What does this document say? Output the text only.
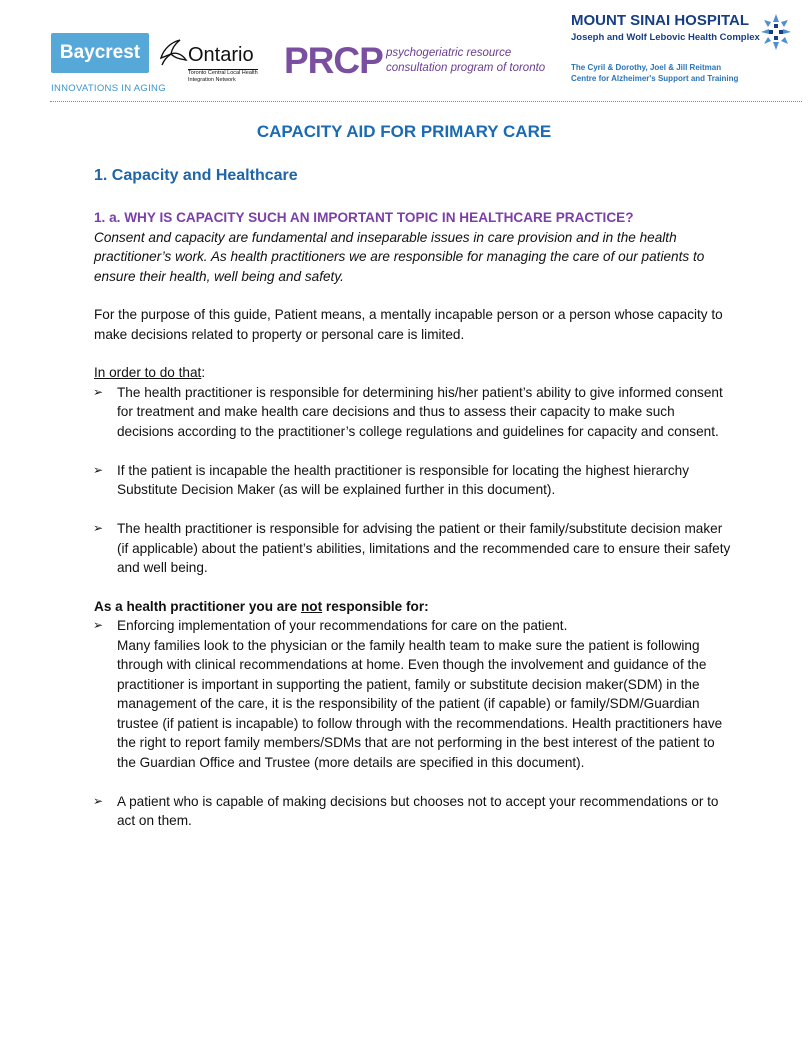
Baycrest
INNOVATIONS IN AGING
Ontario
Toronto Central Local Health Integration Network	PRCP psychogeriatric resource
consultation program of toronto
MOUNT SINAI HOSPITAL
Joseph and Wolf Lebovic Health Complex
The Cyril & Dorothy, Joel & Jill Reitman
Centre for Alzheimer's Support and Training
CAPACITY AID FOR PRIMARY CARE
1. Capacity and Healthcare

1. a. WHY IS CAPACITY SUCH AN IMPORTANT TOPIC IN HEALTHCARE PRACTICE?

Consent and capacity are fundamental and inseparable issues in care provision and in the health practitioner’s work. As health practitioners we are responsible for managing the care of our patients to ensure their health, well being and safety.

For the purpose of this guide, Patient means, a mentally incapable person or a person whose capacity to make decisions related to property or personal care is limited.

In order to do that:

➢ The health practitioner is responsible for determining his/her patient’s ability to give informed consent for treatment and make health care decisions and thus to assess their capacity to make such decisions according to the practitioner’s college regulations and guidelines for capacity and consent.
➢ If the patient is incapable the health practitioner is responsible for locating the highest hierarchy Substitute Decision Maker (as will be explained further in this document).
➢ The health practitioner is responsible for advising the patient or their family/substitute decision maker (if applicable) about the patient’s abilities, limitations and the recommended care to ensure their safety and well being.

As a health practitioner you are not responsible for:

➢ Enforcing implementation of your recommendations for care on the patient.
Many families look to the physician or the family health team to make sure the patient is following through with clinical recommendations at home. Even though the involvement and guidance of the practitioner is important in supporting the patient, family or substitute decision maker(SDM) in the management of the care, it is the responsibility of the patient (if capable) or family/SDM/Guardian trustee (if patient is incapable) to follow through with the recommendations. Health practitioners have the right to report family members/SDMs that are not performing in the best interest of the patient to the Guardian Office and Trustee (more details are specified in this document).
➢ A patient who is capable of making decisions but chooses not to accept your recommendations or to act on them.
